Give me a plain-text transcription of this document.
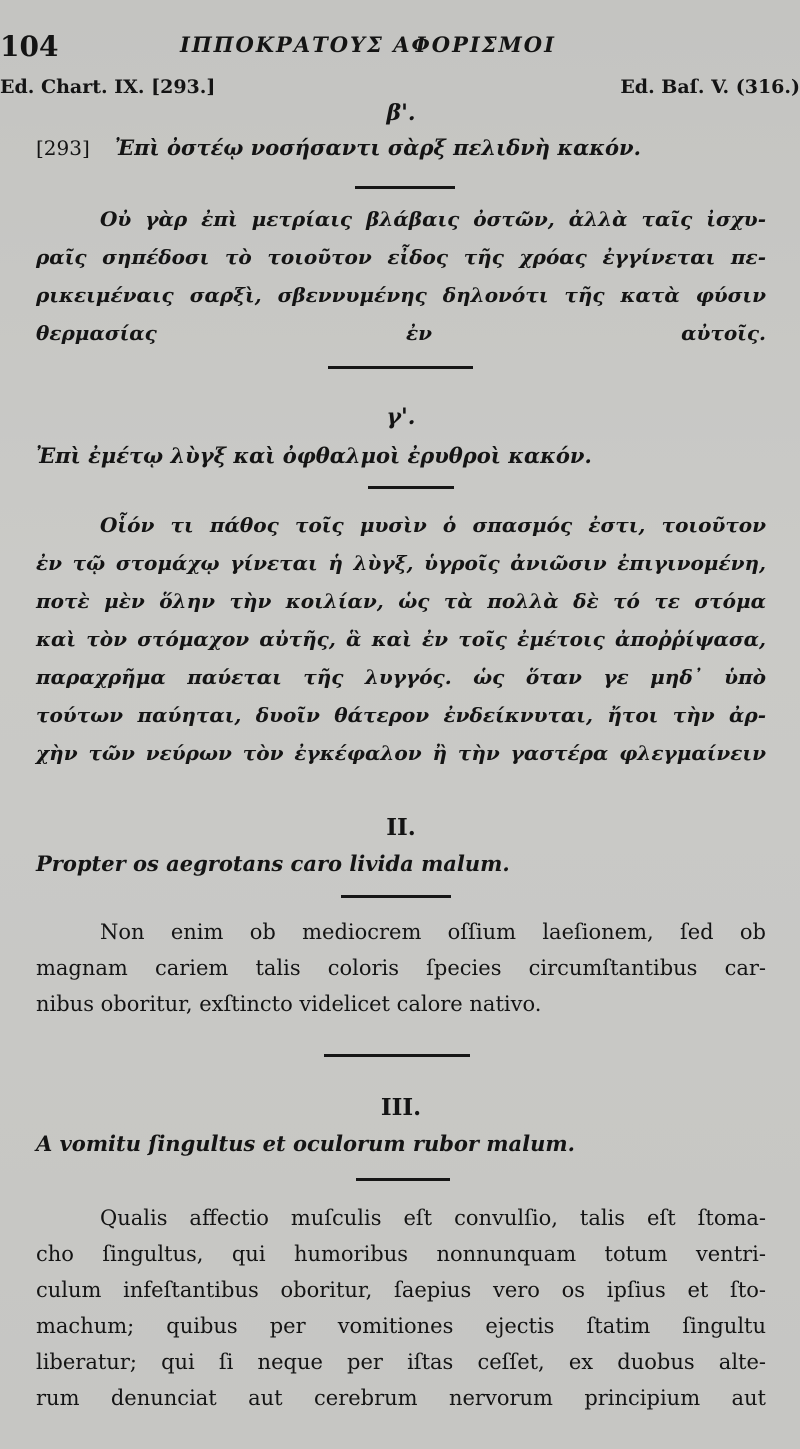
104	ΙΠΠΟΚΡΑΤΟΥΣ ΑΦΟΡΙΣΜΟΙ
Ed. Chart. IX. [293.]	Ed. Baſ. V. (316.)
β'.
[293] Ἐπὶ ὀστέῳ νοσήσαντι σὰρξ πελιδνὴ κακόν.
Οὐ γὰρ ἐπὶ μετρίαις βλάβαις ὀστῶν, ἀλλὰ ταῖς ἰσχυ-
ραῖς σηπέδοσι τὸ τοιοῦτον εἶδος τῆς χρόας ἐγγίνεται πε-
ρικειμέναις σαρξὶ, σβεννυμένης δηλονότι τῆς κατὰ φύσιν
θερμασίας ἐν αὐτοῖς.
γ'.
Ἐπὶ ἐμέτῳ λὺγξ καὶ ὀφθαλμοὶ ἐρυθροὶ κακόν.
Οἷόν τι πάθος τοῖς μυσὶν ὁ σπασμός ἐστι, τοιοῦτον
ἐν τῷ στομάχῳ γίνεται ἡ λὺγξ, ὑγροῖς ἀνιῶσιν ἐπιγινομένη,
ποτὲ μὲν ὅλην τὴν κοιλίαν, ὡς τὰ πολλὰ δὲ τό τε στόμα
καὶ τὸν στόμαχον αὐτῆς, ἃ καὶ ἐν τοῖς ἐμέτοις ἀποῤῥίψασα,
παραχρῆμα παύεται τῆς λυγγός. ὡς ὅταν γε μηδ᾽ ὑπὸ
τούτων παύηται, δυοῖν θάτερον ἐνδείκνυται, ἤτοι τὴν ἀρ-
χὴν τῶν νεύρων τὸν ἐγκέφαλον ἢ τὴν γαστέρα φλεγμαίνειν
II.
Propter os aegrotans caro livida malum.
Non enim ob mediocrem oſſium laeſionem, ſed ob
magnam cariem talis coloris ſpecies circumſtantibus car-
nibus oboritur, exſtincto videlicet calore nativo.
III.
A vomitu ſingultus et oculorum rubor malum.
Qualis affectio muſculis eſt convulſio, talis eſt ſtoma-
cho ſingultus, qui humoribus nonnunquam totum ventri-
culum infeſtantibus oboritur, ſaepius vero os ipſius et ſto-
machum; quibus per vomitiones ejectis ſtatim ſingultu
liberatur; qui ſi neque per iſtas ceſſet, ex duobus alte-
rum denunciat aut cerebrum nervorum principium aut
